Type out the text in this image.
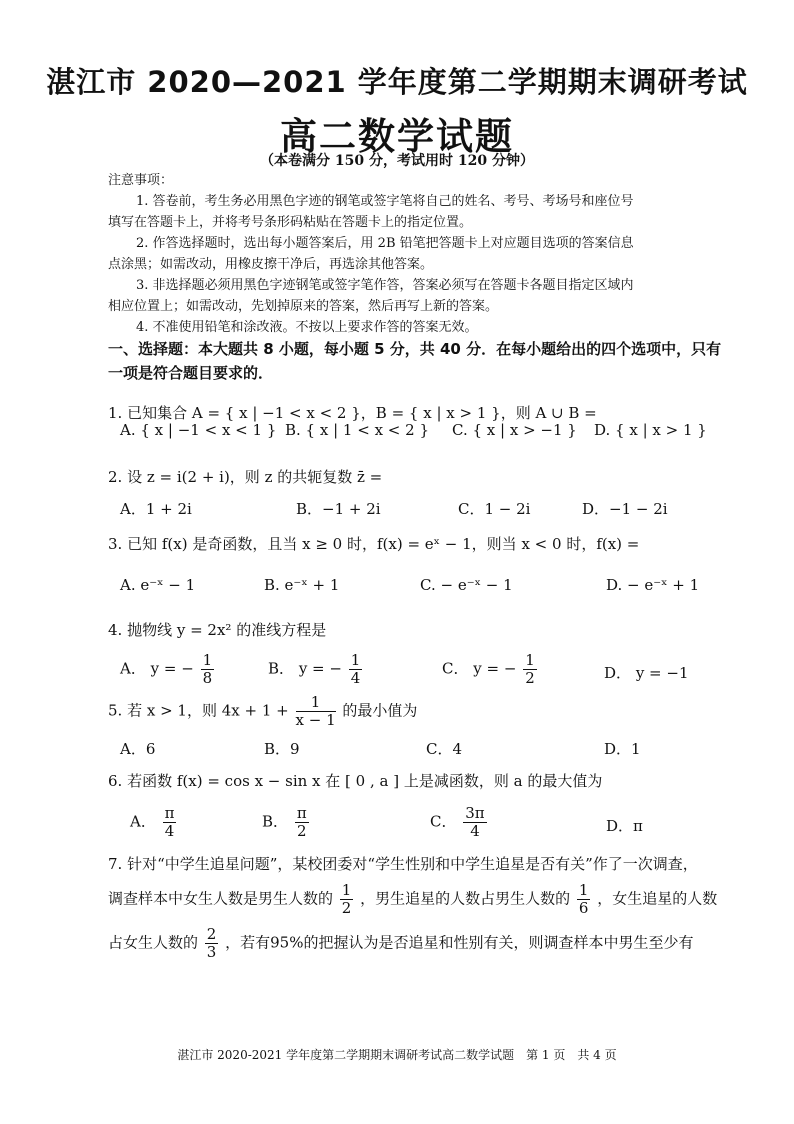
湛江市 2020—2021 学年度第二学期期末调研考试
高二数学试题
（本卷满分 150 分，考试用时 120 分钟）
注意事项：
1. 答卷前，考生务必用黑色字迹的钢笔或签字笔将自己的姓名、考号、考场号和座位号
填写在答题卡上，并将考号条形码粘贴在答题卡上的指定位置。
2. 作答选择题时，选出每小题答案后，用 2B 铅笔把答题卡上对应题目选项的答案信息
点涂黑；如需改动，用橡皮擦干净后，再选涂其他答案。
3. 非选择题必须用黑色字迹钢笔或签字笔作答，答案必须写在答题卡各题目指定区域内
相应位置上；如需改动，先划掉原来的答案，然后再写上新的答案。
4. 不准使用铅笔和涂改液。不按以上要求作答的答案无效。
一、选择题：本大题共 8 小题，每小题 5 分，共 40 分．在每小题给出的四个选项中，只有
一项是符合题目要求的．
1. 已知集合 A = { x | −1 < x < 2 }，B = { x | x > 1 }，则 A ∪ B =
A. { x | −1 < x < 1 } B. { x | 1 < x < 2 } C. { x | x > −1 } D. { x | x > 1 }
2. 设 z = i(2 + i)，则 z 的共轭复数 z̄ =
A．1 + 2i	B．−1 + 2i	C．1 − 2i	D．−1 − 2i
3. 已知 f(x) 是奇函数，且当 x ≥ 0 时，f(x) = eˣ − 1，则当 x < 0 时，f(x) =
A. e⁻ˣ − 1	B. e⁻ˣ + 1	C. − e⁻ˣ − 1	D. − e⁻ˣ + 1
4. 抛物线 y = 2x² 的准线方程是
A． y = − $\frac{1}{8}$	B． y = − $\frac{1}{4}$	C． y = − $\frac{1}{2}$	D． y = −1
5. 若 x > 1，则 $4x + 1 + \frac{1}{x - 1}$ 的最小值为
A．6	B．9	C．4	D．1
6. 若函数 f(x) = cos x − sin x 在 [ 0 , a ] 上是减函数，则 a 的最大值为
A． $\frac{\pi}{4}$	B． $\frac{\pi}{2}$	C． $\frac{3\pi}{4}$	D．π
7. 针对“中学生追星问题”，某校团委对“学生性别和中学生追星是否有关”作了一次调查，
调查样本中女生人数是男生人数的 $\frac{1}{2}$ ，男生追星的人数占男生人数的 $\frac{1}{6}$ ，女生追星的人数
占女生人数的 $\frac{2}{3}$ ，若有95%的把握认为是否追星和性别有关，则调查样本中男生至少有
湛江市 2020-2021 学年度第二学期期末调研考试高二数学试题　第 1 页　共 4 页
